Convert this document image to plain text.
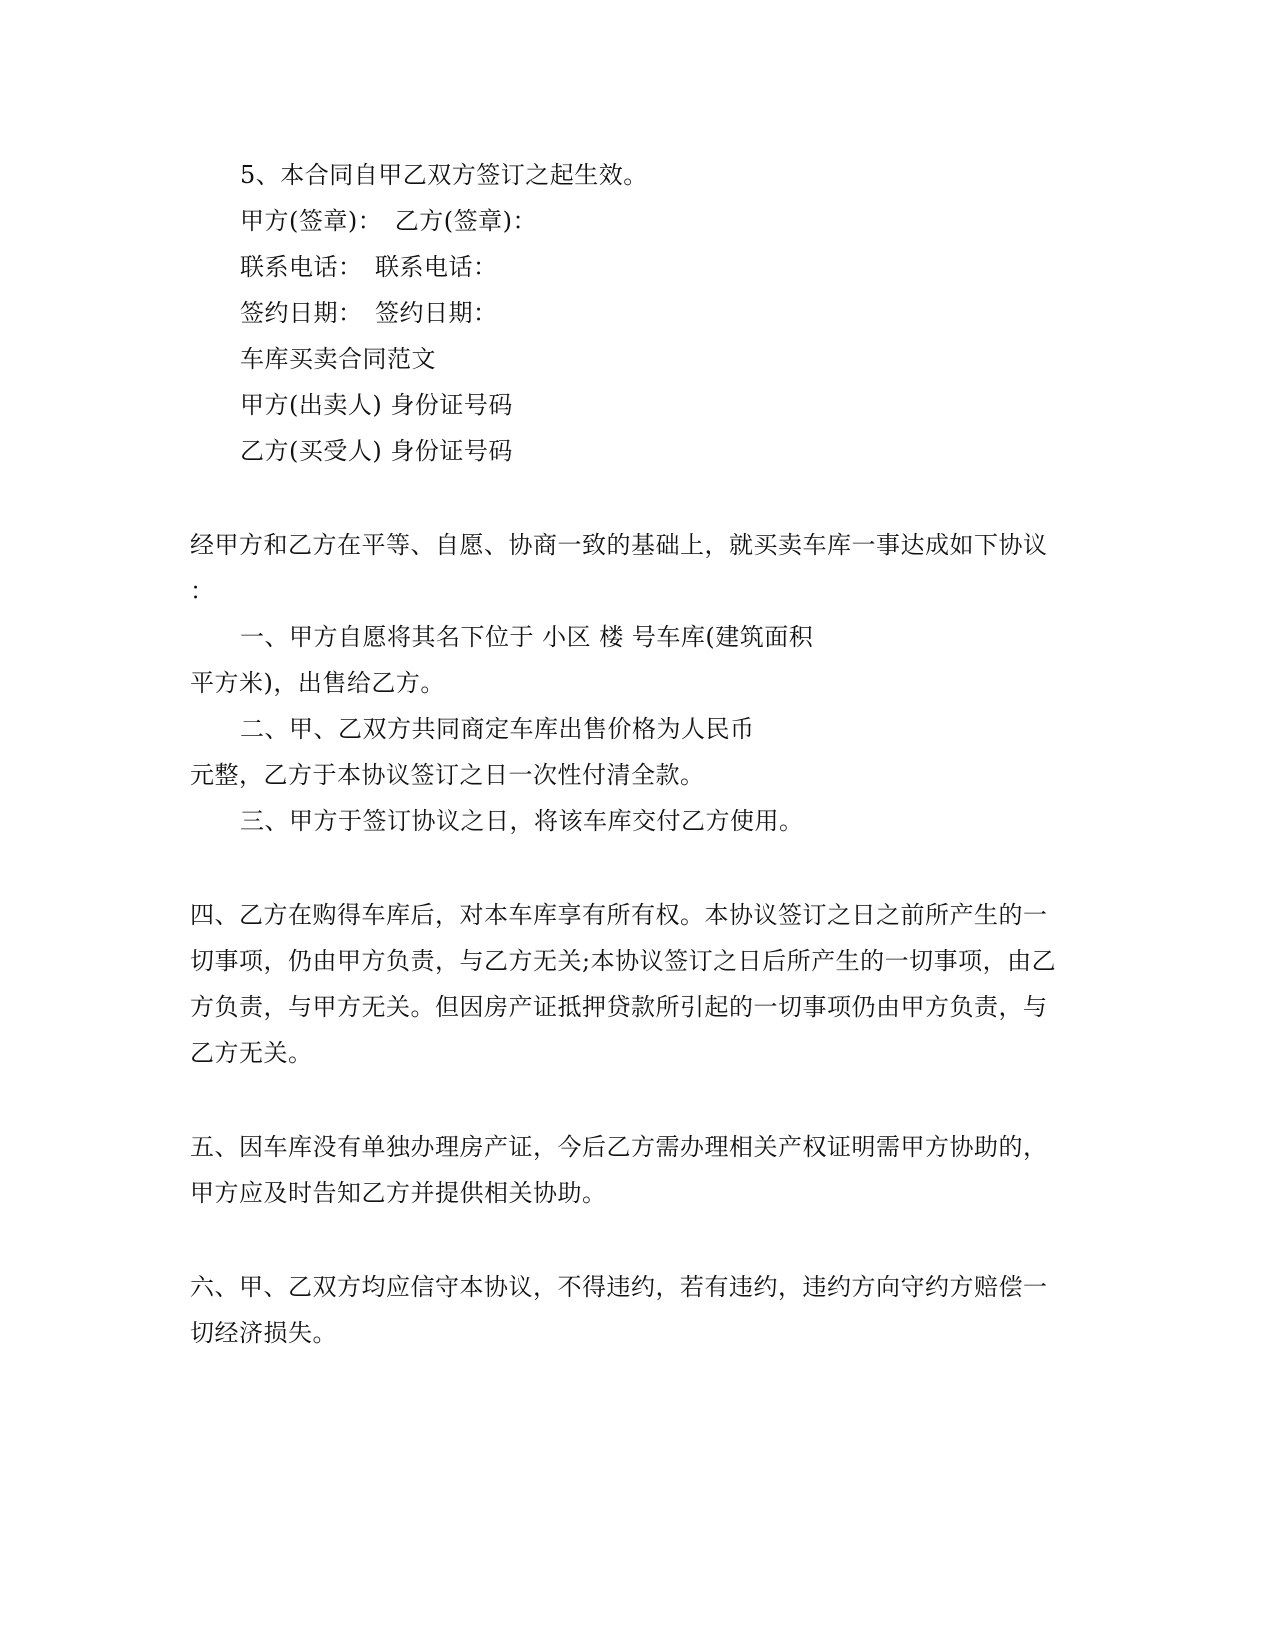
5、本合同自甲乙双方签订之起生效。
甲方(签章)：　乙方(签章)：
联系电话：　联系电话：
签约日期：　签约日期：
车库买卖合同范文
甲方(出卖人) 身份证号码
乙方(买受人) 身份证号码
经甲方和乙方在平等、自愿、协商一致的基础上，就买卖车库一事达成如下协议
：
一、甲方自愿将其名下位于 小区 楼 号车库(建筑面积
平方米)，出售给乙方。
二、甲、乙双方共同商定车库出售价格为人民币
元整，乙方于本协议签订之日一次性付清全款。
三、甲方于签订协议之日，将该车库交付乙方使用。
四、乙方在购得车库后，对本车库享有所有权。本协议签订之日之前所产生的一
切事项，仍由甲方负责，与乙方无关;本协议签订之日后所产生的一切事项，由乙
方负责，与甲方无关。但因房产证抵押贷款所引起的一切事项仍由甲方负责，与
乙方无关。
五、因车库没有单独办理房产证，今后乙方需办理相关产权证明需甲方协助的，
甲方应及时告知乙方并提供相关协助。
六、甲、乙双方均应信守本协议，不得违约，若有违约，违约方向守约方赔偿一
切经济损失。
